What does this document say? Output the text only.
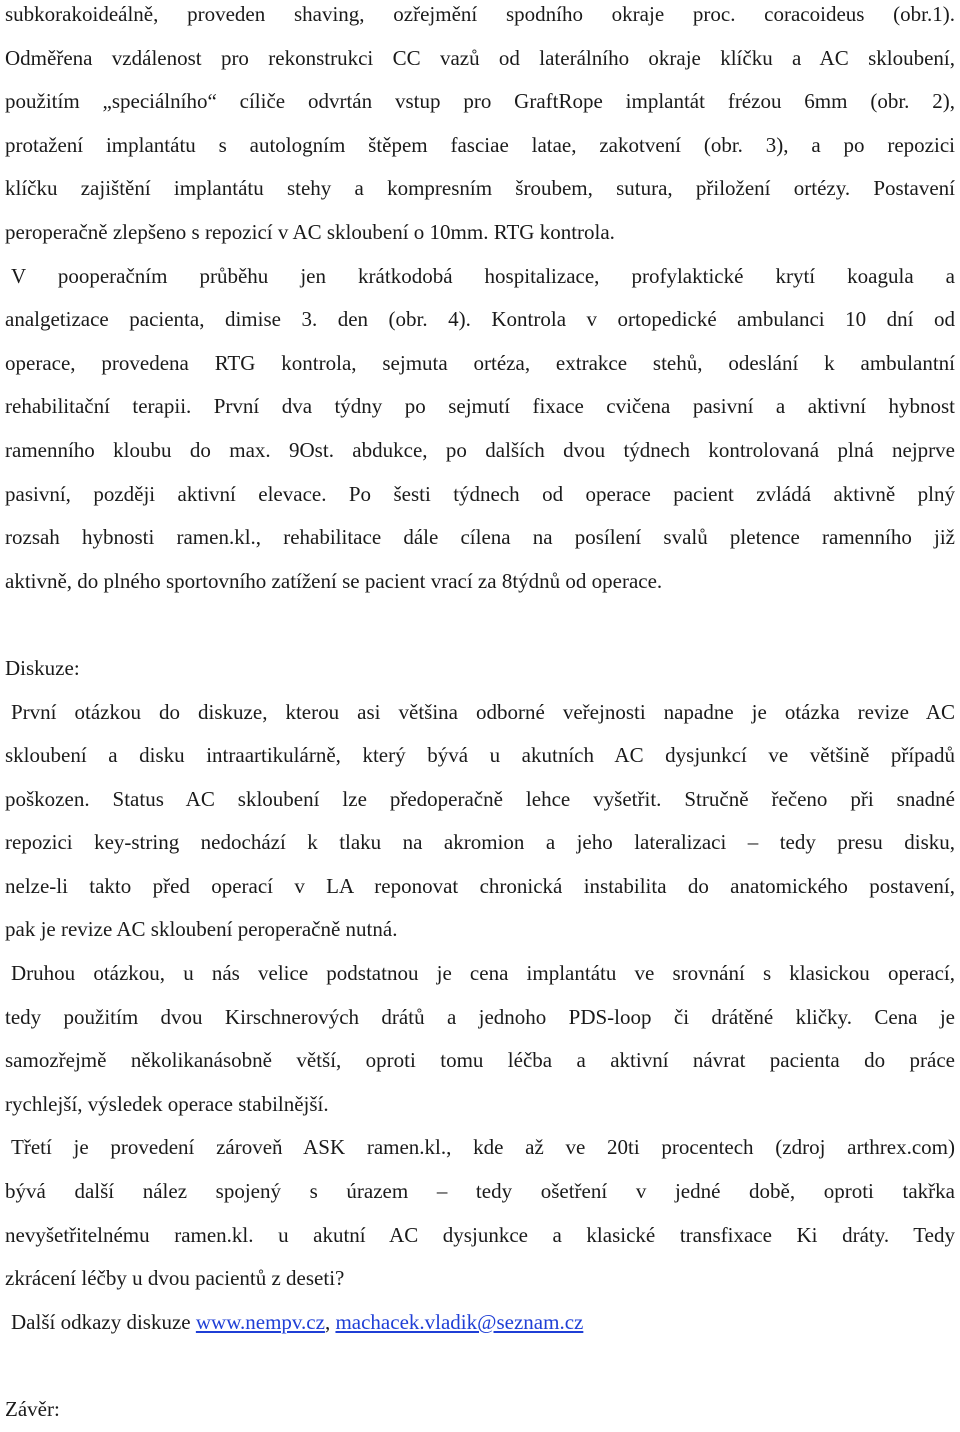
subkorakoideálně, proveden shaving, ozřejmění spodního okraje proc. coracoideus (obr.1).
Odměřena vzdálenost pro rekonstrukci CC vazů od laterálního okraje klíčku a AC skloubení,
použitím „speciálního“ cíliče odvrtán vstup pro GraftRope implantát frézou 6mm (obr. 2),
protažení implantátu s autologním štěpem fasciae latae, zakotvení (obr. 3), a po repozici
klíčku zajištění implantátu stehy a kompresním šroubem, sutura, přiložení ortézy. Postavení
peroperačně zlepšeno s repozicí v AC skloubení o 10mm. RTG kontrola.
V pooperačním průběhu jen krátkodobá hospitalizace, profylaktické krytí koagula a
analgetizace pacienta, dimise 3. den (obr. 4). Kontrola v ortopedické ambulanci 10 dní od
operace, provedena RTG kontrola, sejmuta ortéza, extrakce stehů, odeslání k ambulantní
rehabilitační terapii. První dva týdny po sejmutí fixace cvičena pasivní a aktivní hybnost
ramenního kloubu do max. 9Ost. abdukce, po dalších dvou týdnech kontrolovaná plná nejprve
pasivní, později aktivní elevace. Po šesti týdnech od operace pacient zvládá aktivně plný
rozsah hybnosti ramen.kl., rehabilitace dále cílena na posílení svalů pletence ramenního již
aktivně, do plného sportovního zatížení se pacient vrací za 8týdnů od operace.
Diskuze:
První otázkou do diskuze, kterou asi většina odborné veřejnosti napadne je otázka revize AC
skloubení a disku intraartikulárně, který bývá u akutních AC dysjunkcí ve většině případů
poškozen. Status AC skloubení lze předoperačně lehce vyšetřit. Stručně řečeno při snadné
repozici key-string nedochází k tlaku na akromion a jeho lateralizaci – tedy presu disku,
nelze-li takto před operací v LA reponovat chronická instabilita do anatomického postavení,
pak je revize AC skloubení peroperačně nutná.
Druhou otázkou, u nás velice podstatnou je cena implantátu ve srovnání s klasickou operací,
tedy použitím dvou Kirschnerových drátů a jednoho PDS-loop či drátěné kličky. Cena je
samozřejmě několikanásobně větší, oproti tomu léčba a aktivní návrat pacienta do práce
rychlejší, výsledek operace stabilnější.
Třetí je provedení zároveň ASK ramen.kl., kde až ve 20ti procentech (zdroj arthrex.com)
bývá další nález spojený s úrazem – tedy ošetření v jedné době, oproti takřka
nevyšetřitelnému ramen.kl. u akutní AC dysjunkce a klasické transfixace Ki dráty. Tedy
zkrácení léčby u dvou pacientů z deseti?
Další odkazy diskuze www.nempv.cz, machacek.vladik@seznam.cz
Závěr:
